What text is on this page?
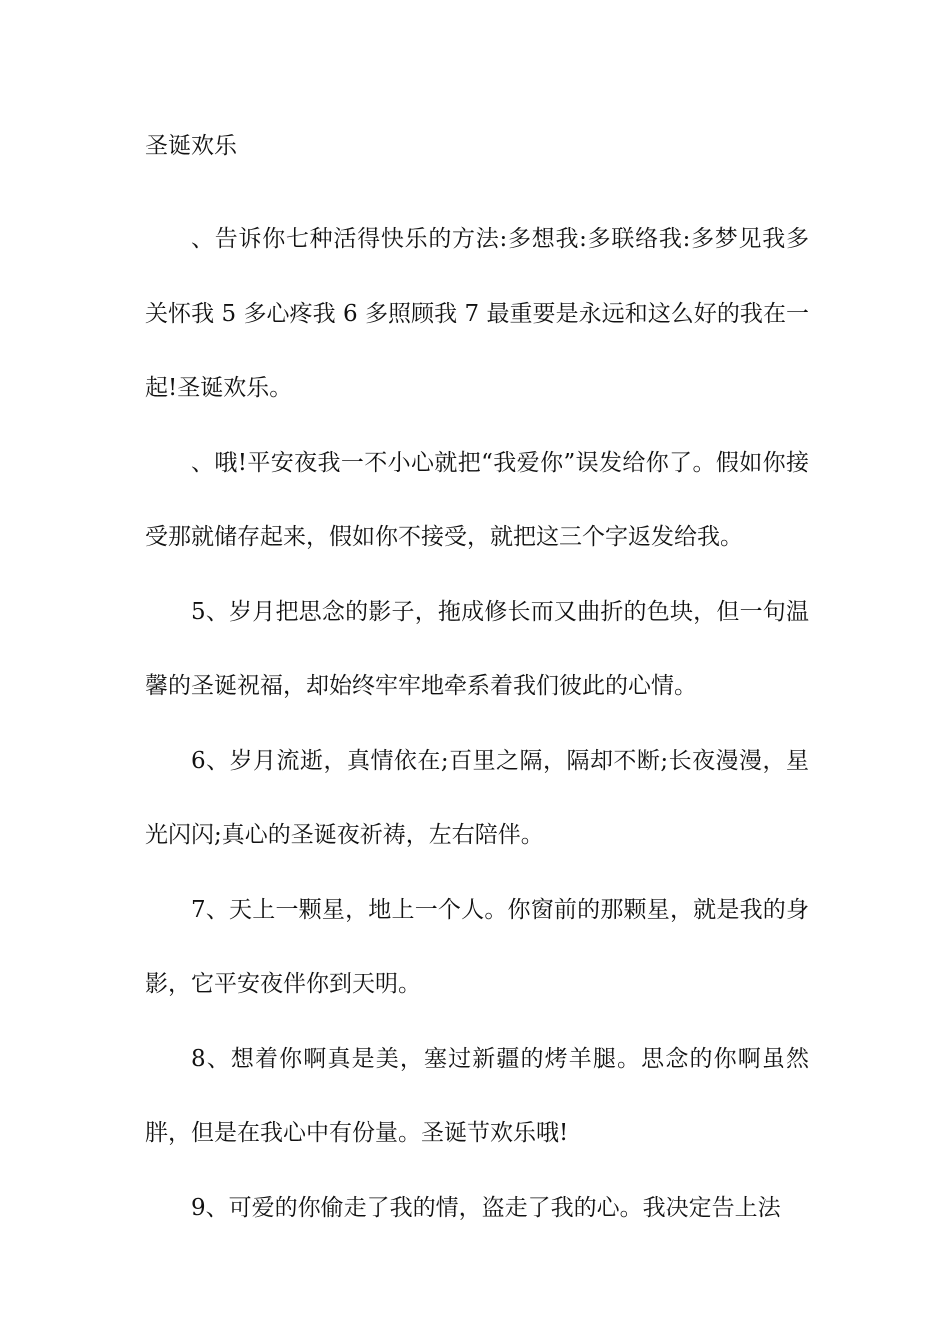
圣诞欢乐

、告诉你七种活得快乐的方法:多想我:多联络我:多梦见我多关怀我 5 多心疼我 6 多照顾我 7 最重要是永远和这么好的我在一起!圣诞欢乐。

、哦!平安夜我一不小心就把“我爱你”误发给你了。假如你接受那就储存起来，假如你不接受，就把这三个字返发给我。

5、岁月把思念的影子，拖成修长而又曲折的色块，但一句温馨的圣诞祝福，却始终牢牢地牵系着我们彼此的心情。

6、岁月流逝，真情依在;百里之隔，隔却不断;长夜漫漫，星光闪闪;真心的圣诞夜祈祷，左右陪伴。

7、天上一颗星，地上一个人。你窗前的那颗星，就是我的身影，它平安夜伴你到天明。

8、想着你啊真是美，塞过新疆的烤羊腿。思念的你啊虽然胖，但是在我心中有份量。圣诞节欢乐哦!

9、可爱的你偷走了我的情，盗走了我的心。我决定告上法
